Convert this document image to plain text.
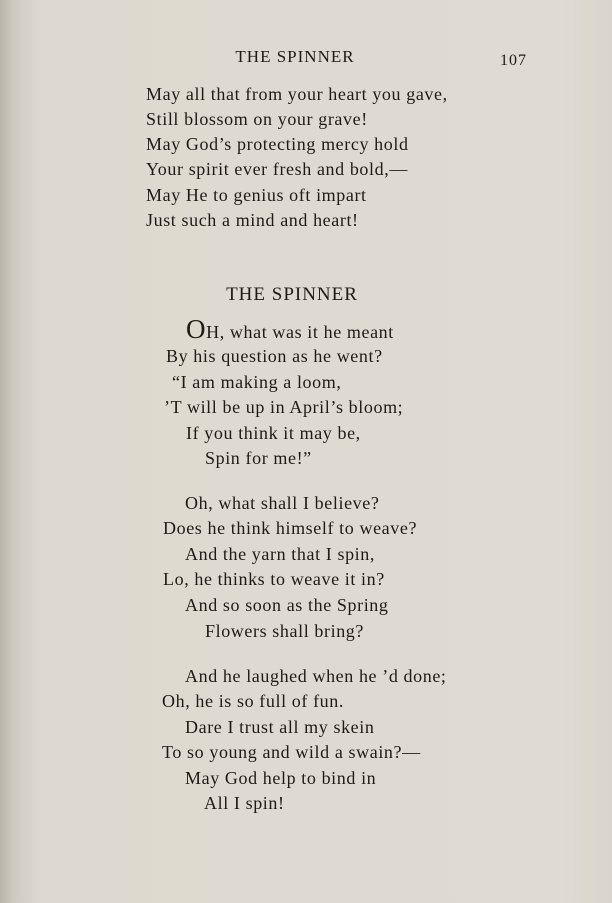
THE SPINNER	107
May all that from your heart you gave,
Still blossom on your grave!
May God’s protecting mercy hold
Your spirit ever fresh and bold,—
May He to genius oft impart
Just such a mind and heart!
THE SPINNER
OH, what was it he meant
By his question as he went?
“I am making a loom,
’T will be up in April’s bloom;
If you think it may be,
Spin for me!”
Oh, what shall I believe?
Does he think himself to weave?
And the yarn that I spin,
Lo, he thinks to weave it in?
And so soon as the Spring
Flowers shall bring?
And he laughed when he ’d done;
Oh, he is so full of fun.
Dare I trust all my skein
To so young and wild a swain?—
May God help to bind in
All I spin!
